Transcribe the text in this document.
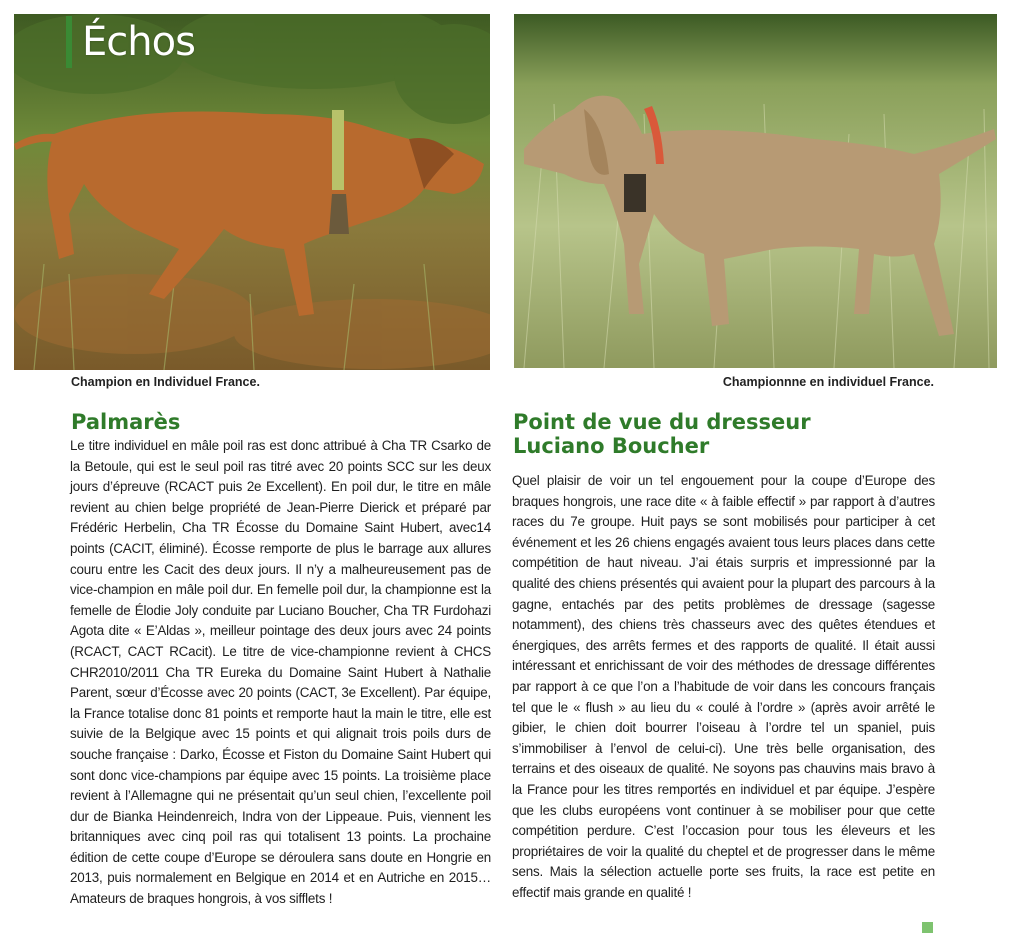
Échos
Champion en Individuel France.	Championnne en individuel France.
Palmarès

Le titre individuel en mâle poil ras est donc attribué à Cha TR Csarko de la Betoule, qui est le seul poil ras titré avec 20 points SCC sur les deux jours d’épreuve (RCACT puis 2e Excellent). En poil dur, le titre en mâle revient au chien belge propriété de Jean-Pierre Dierick et préparé par Frédéric Herbelin, Cha TR Écosse du Domaine Saint Hubert, avec14 points (CACIT, éliminé). Écosse remporte de plus le barrage aux allures couru entre les Cacit des deux jours. Il n’y a malheureusement pas de vice-champion en mâle poil dur. En femelle poil dur, la championne est la femelle de Élodie Joly conduite par Luciano Boucher, Cha TR Furdohazi Agota dite « E’Aldas », meilleur pointage des deux jours avec 24 points (RCACT, CACT RCacit). Le titre de vice-championne revient à CHCS CHR2010/2011 Cha TR Eureka du Domaine Saint Hubert à Nathalie Parent, sœur d’Écosse avec 20 points (CACT, 3e Excellent). Par équipe, la France totalise donc 81 points et remporte haut la main le titre, elle est suivie de la Belgique avec 15 points et qui alignait trois poils durs de souche française : Darko, Écosse et Fiston du Domaine Saint Hubert qui sont donc vice-champions par équipe avec 15 points. La troisième place revient à l’Allemagne qui ne présentait qu’un seul chien, l’excellente poil dur de Bianka Heindenreich, Indra von der Lippeaue. Puis, viennent les britanniques avec cinq poil ras qui totalisent 13 points. La prochaine édition de cette coupe d’Europe se déroulera sans doute en Hongrie en 2013, puis normalement en Belgique en 2014 et en Autriche en 2015… Amateurs de braques hongrois, à vos sifflets !

Point de vue du dresseur
Luciano Boucher

Quel plaisir de voir un tel engouement pour la coupe d’Europe des braques hongrois, une race dite « à faible effectif » par rapport à d’autres races du 7e groupe. Huit pays se sont mobilisés pour participer à cet événement et les 26 chiens engagés avaient tous leurs places dans cette compétition de haut niveau. J’ai étais surpris et impressionné par la qualité des chiens présentés qui avaient pour la plupart des parcours à la gagne, entachés par des petits problèmes de dressage (sagesse notamment), des chiens très chasseurs avec des quêtes étendues et énergiques, des arrêts fermes et des rapports de qualité. Il était aussi intéressant et enrichissant de voir des méthodes de dressage différentes par rapport à ce que l’on a l’habitude de voir dans les concours français tel que le « flush » au lieu du « coulé à l’ordre » (après avoir arrêté le gibier, le chien doit bourrer l’oiseau à l’ordre tel un spaniel, puis s’immobiliser à l’envol de celui-ci). Une très belle organisation, des terrains et des oiseaux de qualité. Ne soyons pas chauvins mais bravo à la France pour les titres remportés en individuel et par équipe. J’espère que les clubs européens vont continuer à se mobiliser pour que cette compétition perdure. C’est l’occasion pour tous les éleveurs et les propriétaires de voir la qualité du cheptel et de progresser dans le même sens. Mais la sélection actuelle porte ses fruits, la race est petite en effectif mais grande en qualité !
